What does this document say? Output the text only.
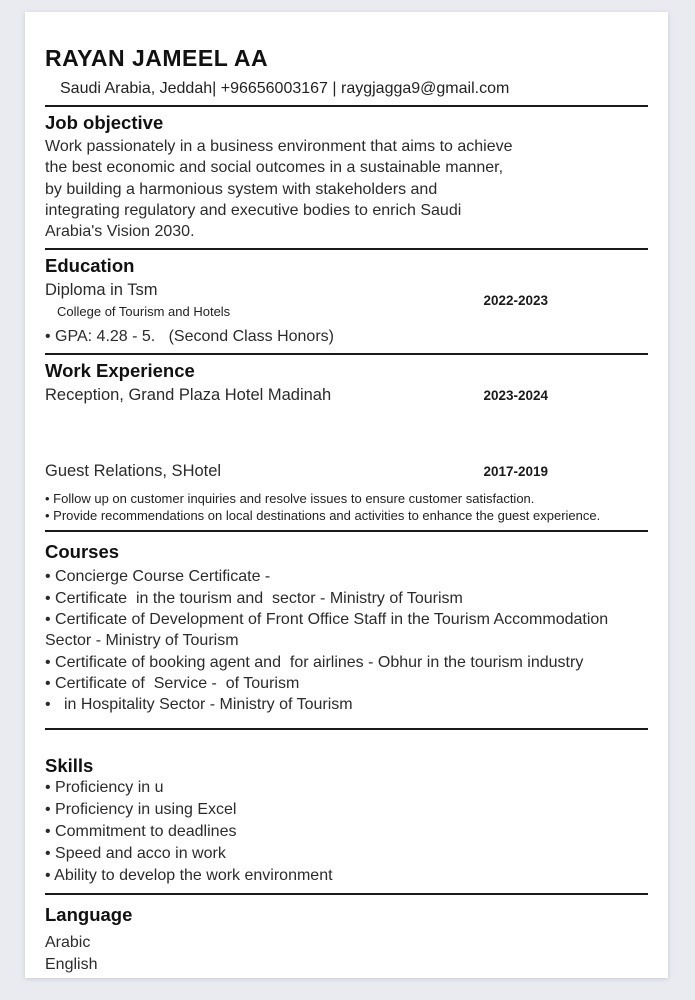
RAYAN JAMEEL AA
Saudi Arabia, Jeddah| +96656003167 | raygjagga9@gmail.com
Job objective
Work passionately in a business environment that aims to achieve
the best economic and social outcomes in a sustainable manner,
by building a harmonious system with stakeholders and
integrating regulatory and executive bodies to enrich Saudi
Arabia's Vision 2030.
Education
Diploma in Tsm
College of Tourism and Hotels
2022-2023
• GPA: 4.28 - 5.   (Second Class Honors)
Work Experience
Reception, Grand Plaza Hotel Madinah	2023-2024
Guest Relations, SHotel	2017-2019
• Follow up on customer inquiries and resolve issues to ensure customer satisfaction.
• Provide recommendations on local destinations and activities to enhance the guest experience.
Courses
• Concierge Course Certificate -
• Certificate  in the tourism and  sector - Ministry of Tourism
• Certificate of Development of Front Office Staff in the Tourism Accommodation Sector - Ministry of Tourism
• Certificate of booking agent and  for airlines - Obhur in the tourism industry
• Certificate of  Service -  of Tourism
•   in Hospitality Sector - Ministry of Tourism
Skills
• Proficiency in u
• Proficiency in using Excel
• Commitment to deadlines
• Speed and acco in work
• Ability to develop the work environment
Language
Arabic
English
